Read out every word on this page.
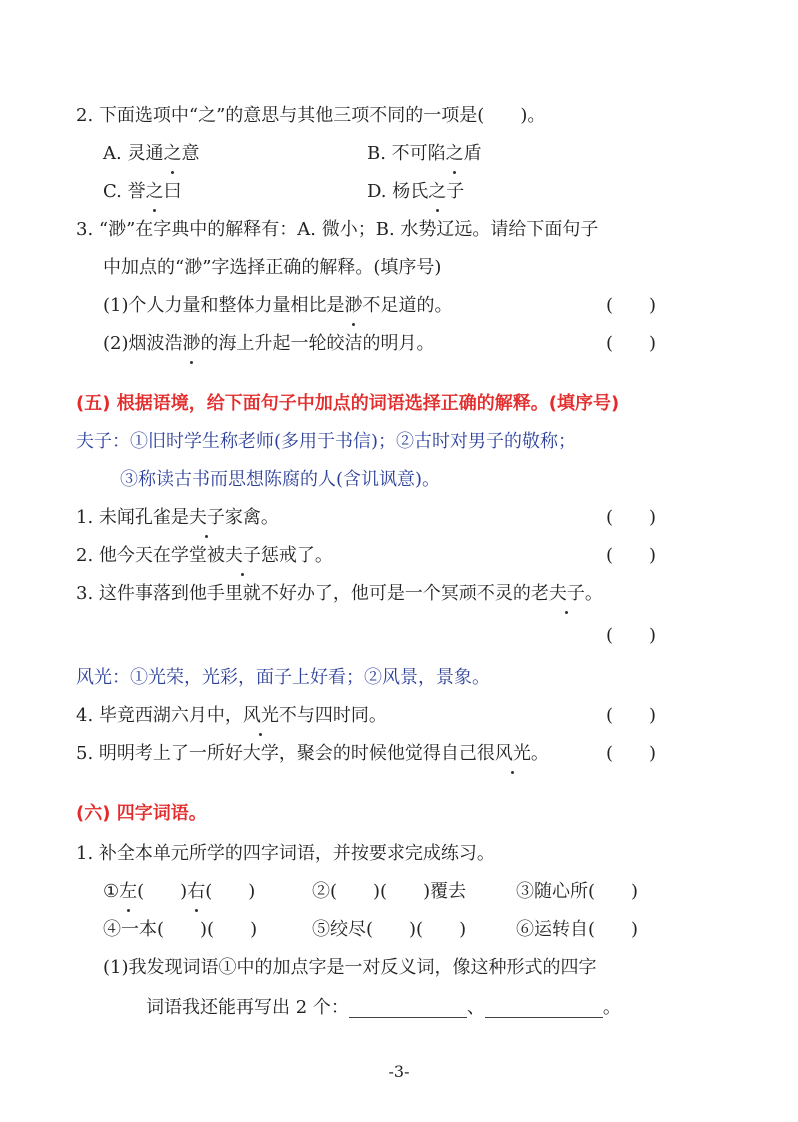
2. 下面选项中“之”的意思与其他三项不同的一项是(　　)。
A. 灵通之意	B. 不可陷之盾
C. 誉之曰	D. 杨氏之子
3. “渺”在字典中的解释有：A. 微小；B. 水势辽远。请给下面句子
中加点的“渺”字选择正确的解释。(填序号)
(1)个人力量和整体力量相比是渺不足道的。	(　　)
(2)烟波浩渺的海上升起一轮皎洁的明月。	(　　)
(五) 根据语境，给下面句子中加点的词语选择正确的解释。(填序号)
夫子：①旧时学生称老师(多用于书信)；②古时对男子的敬称；
③称读古书而思想陈腐的人(含讥讽意)。
1. 未闻孔雀是夫子家禽。	(　　)
2. 他今天在学堂被夫子惩戒了。	(　　)
3. 这件事落到他手里就不好办了，他可是一个冥顽不灵的老夫子。
(　　)
风光：①光荣，光彩，面子上好看；②风景，景象。
4. 毕竟西湖六月中，风光不与四时同。	(　　)
5. 明明考上了一所好大学，聚会的时候他觉得自己很风光。	(　　)
(六) 四字词语。
1. 补全本单元所学的四字词语，并按要求完成练习。
①左(　　)右(　　)	②(　　)(　　)覆去	③随心所(　　)
④一本(　　)(　　)	⑤绞尽(　　)(　　)	⑥运转自(　　)
(1)我发现词语①中的加点字是一对反义词，像这种形式的四字
词语我还能再写出 2 个：	、	。
-3-
